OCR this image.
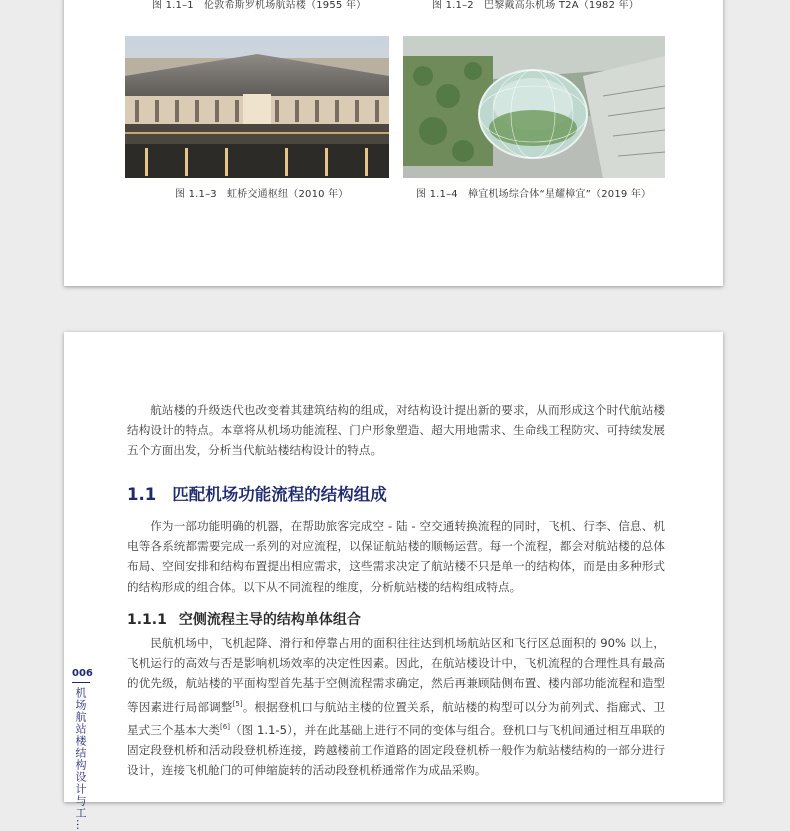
图 1.1–1　伦敦希斯罗机场航站楼（1955 年）	图 1.1–2　巴黎戴高乐机场 T2A（1982 年）
图 1.1–3　虹桥交通枢纽（2010 年）	图 1.1–4　樟宜机场综合体“星耀樟宜”（2019 年）

航站楼的升级迭代也改变着其建筑结构的组成，对结构设计提出新的要求，从而形成这个时代航站楼结构设计的特点。本章将从机场功能流程、门户形象塑造、超大用地需求、生命线工程防灾、可持续发展五个方面出发，分析当代航站楼结构设计的特点。

1.1 匹配机场功能流程的结构组成

作为一部功能明确的机器，在帮助旅客完成空 - 陆 - 空交通转换流程的同时，飞机、行李、信息、机电等各系统都需要完成一系列的对应流程，以保证航站楼的顺畅运营。每一个流程，都会对航站楼的总体布局、空间安排和结构布置提出相应需求，这些需求决定了航站楼不只是单一的结构体，而是由多种形式的结构形成的组合体。以下从不同流程的维度，分析航站楼的结构组成特点。

1.1.1 空侧流程主导的结构单体组合

民航机场中，飞机起降、滑行和停靠占用的面积往往达到机场航站区和飞行区总面积的 90% 以上，飞机运行的高效与否是影响机场效率的决定性因素。因此，在航站楼设计中，飞机流程的合理性具有最高的优先级，航站楼的平面构型首先基于空侧流程需求确定，然后再兼顾陆侧布置、楼内部功能流程和造型等因素进行局部调整[5]。根据登机口与航站主楼的位置关系，航站楼的构型可以分为前列式、指廊式、卫星式三个基本大类[6]（图 1.1-5），并在此基础上进行不同的变体与组合。登机口与飞机间通过相互串联的固定段登机桥和活动段登机桥连接，跨越楼前工作道路的固定段登机桥一般作为航站楼结构的一部分进行设计，连接飞机舱门的可伸缩旋转的活动段登机桥通常作为成品采购。

006
机场航站楼结构设计与工…
